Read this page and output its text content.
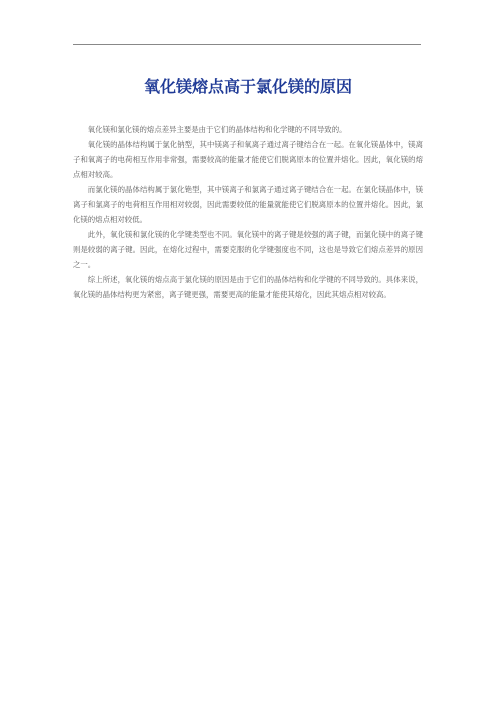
氧化镁熔点高于氯化镁的原因

氧化镁和氯化镁的熔点差异主要是由于它们的晶体结构和化学键的不同导致的。

氧化镁的晶体结构属于氯化钠型，其中镁离子和氧离子通过离子键结合在一起。在氧化镁晶体中，镁离子和氧离子的电荷相互作用非常强，需要较高的能量才能使它们脱离原本的位置并熔化。因此，氧化镁的熔点相对较高。

而氯化镁的晶体结构属于氯化铯型，其中镁离子和氯离子通过离子键结合在一起。在氯化镁晶体中，镁离子和氯离子的电荷相互作用相对较弱，因此需要较低的能量就能使它们脱离原本的位置并熔化。因此，氯化镁的熔点相对较低。

此外，氧化镁和氯化镁的化学键类型也不同。氧化镁中的离子键是较强的离子键，而氯化镁中的离子键则是较弱的离子键。因此，在熔化过程中，需要克服的化学键强度也不同，这也是导致它们熔点差异的原因之一。

综上所述，氧化镁的熔点高于氯化镁的原因是由于它们的晶体结构和化学键的不同导致的。具体来说，氧化镁的晶体结构更为紧密，离子键更强，需要更高的能量才能使其熔化，因此其熔点相对较高。
